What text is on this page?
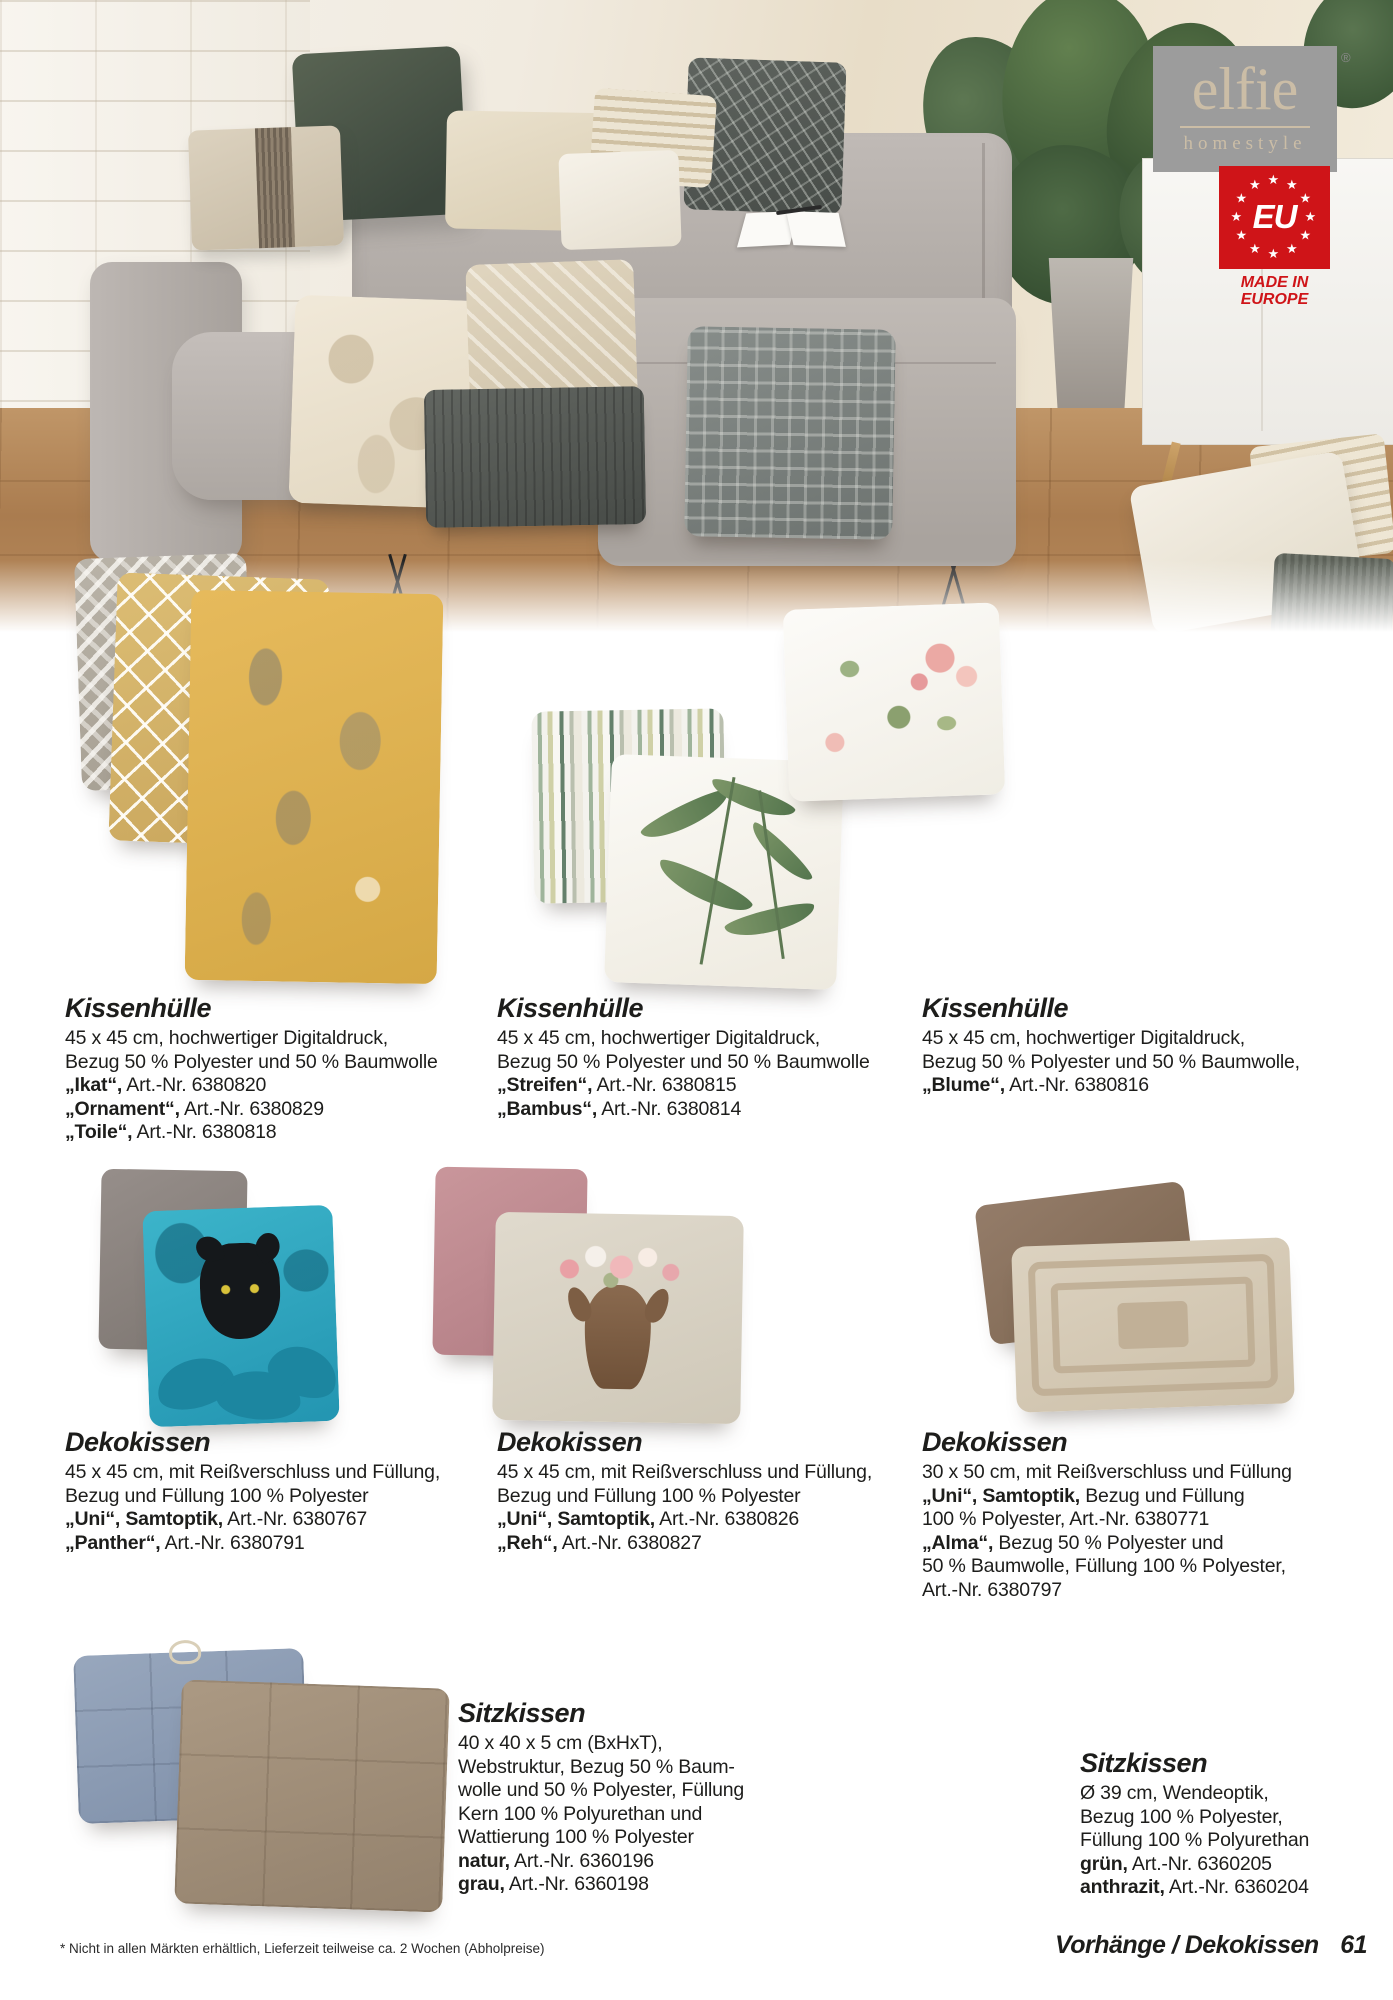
elfie
homestyle
®
★ ★
★
★
★
★
★
★
★
★
★
★
EU
MADE IN
EUROPE
Kissenhülle
45 x 45 cm, hochwertiger Digitaldruck,
Bezug 50 % Polyester und 50 % Baumwolle
„Ikat“, Art.-Nr. 6380820
„Ornament“, Art.-Nr. 6380829
„Toile“, Art.-Nr. 6380818
Kissenhülle
45 x 45 cm, hochwertiger Digitaldruck,
Bezug 50 % Polyester und 50 % Baumwolle
„Streifen“, Art.-Nr. 6380815
„Bambus“, Art.-Nr. 6380814
Kissenhülle
45 x 45 cm, hochwertiger Digitaldruck,
Bezug 50 % Polyester und 50 % Baumwolle,
„Blume“, Art.-Nr. 6380816
Dekokissen
45 x 45 cm, mit Reißverschluss und Füllung,
Bezug und Füllung 100 % Polyester
„Uni“, Samtoptik, Art.-Nr. 6380767
„Panther“, Art.-Nr. 6380791
Dekokissen
45 x 45 cm, mit Reißverschluss und Füllung,
Bezug und Füllung 100 % Polyester
„Uni“, Samtoptik, Art.-Nr. 6380826
„Reh“, Art.-Nr. 6380827
Dekokissen
30 x 50 cm, mit Reißverschluss und Füllung
„Uni“, Samtoptik, Bezug und Füllung
100 % Polyester, Art.-Nr. 6380771
„Alma“, Bezug 50 % Polyester und
50 % Baumwolle, Füllung 100 % Polyester,
Art.-Nr. 6380797
Sitzkissen
40 x 40 x 5 cm (BxHxT),
Webstruktur, Bezug 50 % Baum-
wolle und 50 % Polyester, Füllung
Kern 100 % Polyurethan und
Wattierung 100 % Polyester
natur, Art.-Nr. 6360196
grau, Art.-Nr. 6360198
Sitzkissen
Ø 39 cm, Wendeoptik,
Bezug 100 % Polyester,
Füllung 100 % Polyurethan
grün, Art.-Nr. 6360205
anthrazit, Art.-Nr. 6360204
* Nicht in allen Märkten erhältlich, Lieferzeit teilweise ca. 2 Wochen (Abholpreise)	Vorhänge / Dekokissen 61
